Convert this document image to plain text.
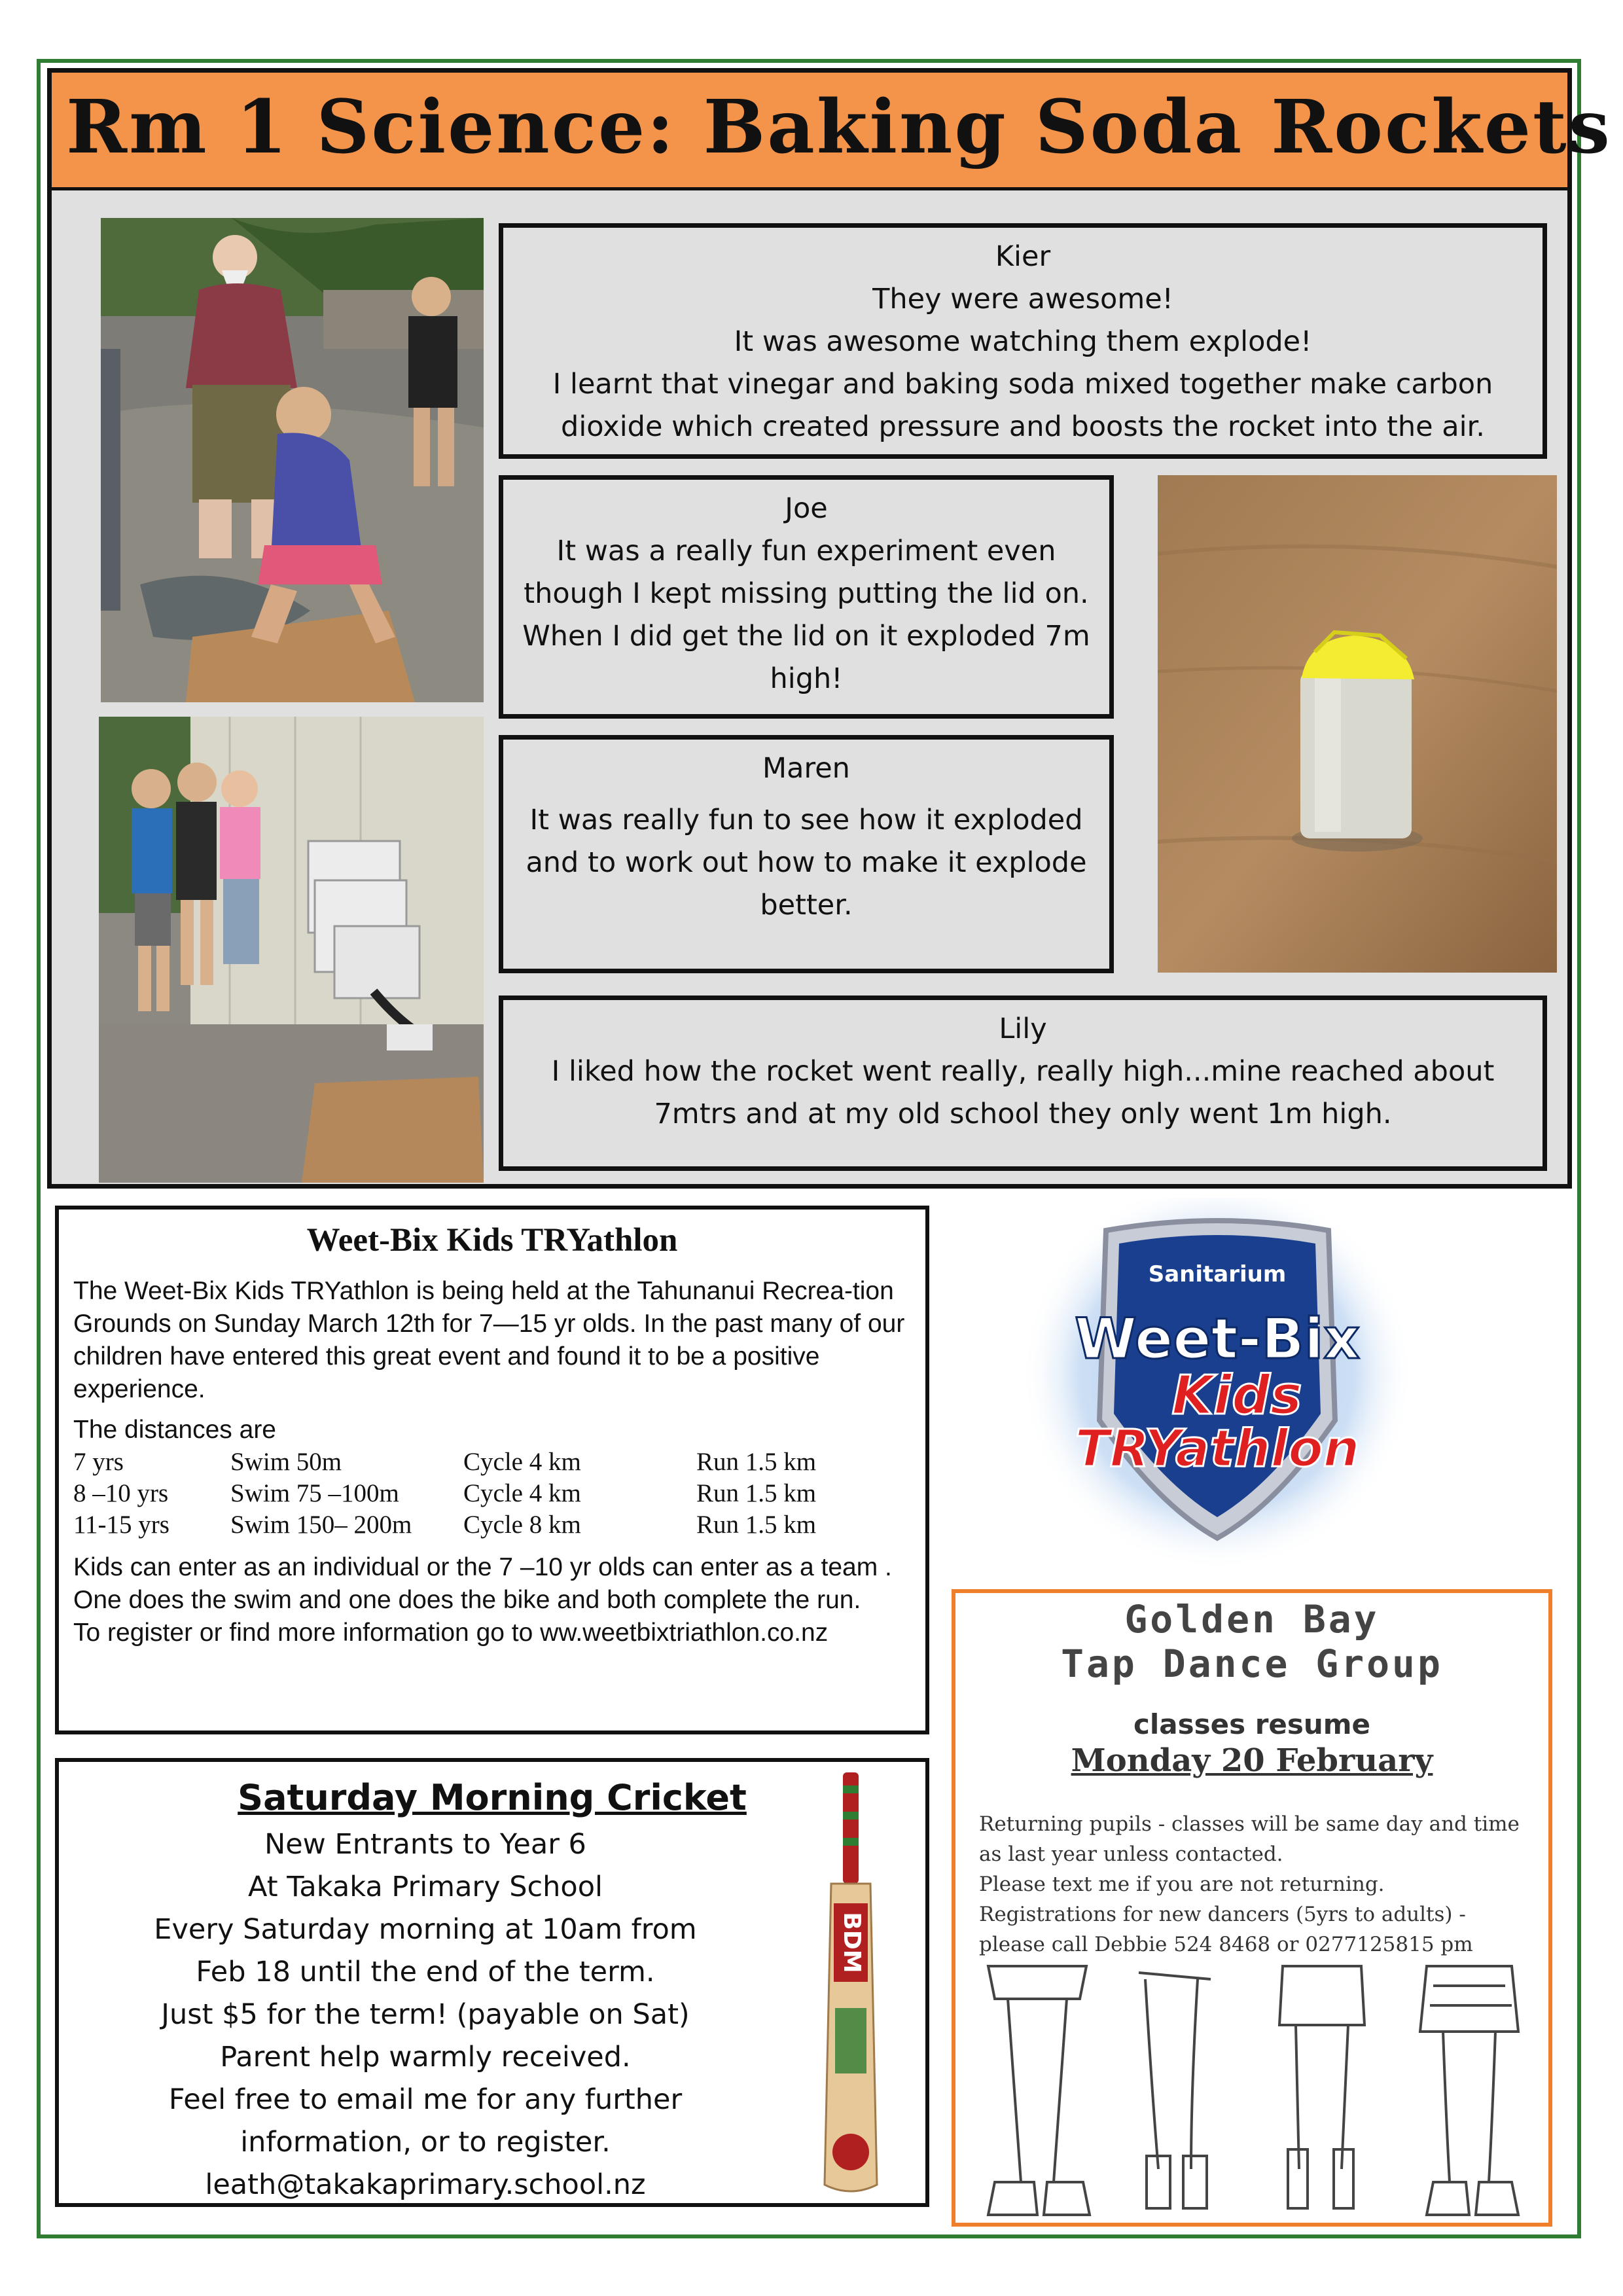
Rm 1 Science: Baking Soda Rockets
Kier
They were awesome!
It was awesome watching them explode!
I learnt that vinegar and baking soda mixed together make carbon
dioxide which created pressure and boosts the rocket into the air.
Joe
It was a really fun experiment even
though I kept missing putting the lid on.
When I did get the lid on it exploded 7m
high!
Maren
It was really fun to see how it exploded
and to work out how to make it explode
better.
Lily
I liked how the rocket went really, really high...mine reached about
7mtrs and at my old school they only went 1m high.
Weet-Bix Kids TRYathlon

The Weet-Bix Kids TRYathlon is being held at the Tahunanui Recrea-tion Grounds on Sunday March 12th for 7—15 yr olds. In the past many of our children have entered this great event and found it to be a positive experience.

The distances are
7 yrs	Swim 50m	Cycle 4 km	Run 1.5 km
8 –10 yrs	Swim 75 –100m	Cycle 4 km	Run 1.5 km
11-15 yrs	Swim 150– 200m	Cycle 8 km	Run 1.5 km
Kids can enter as an individual or the 7 –10 yr olds can enter as a team . One does the swim and one does the bike and both complete the run.
To register or find more information go to ww.weetbixtriathlon.co.nz
Sanitarium
Weet-Bix
Kids
TRYathlon
Saturday Morning Cricket
New Entrants to Year 6
At Takaka Primary School
Every Saturday morning at 10am from
Feb 18 until the end of the term.
Just $5 for the term! (payable on Sat)
Parent help warmly received.
Feel free to email me for any further
information, or to register.
leath@takakaprimary.school.nz
BDM
Golden Bay
Tap Dance Group
classes resume
Monday 20 February
Returning pupils - classes will be same day and time as last year unless contacted.
Please text me if you are not returning.
Registrations for new dancers (5yrs to adults) - please call Debbie 524 8468 or 0277125815 pm
